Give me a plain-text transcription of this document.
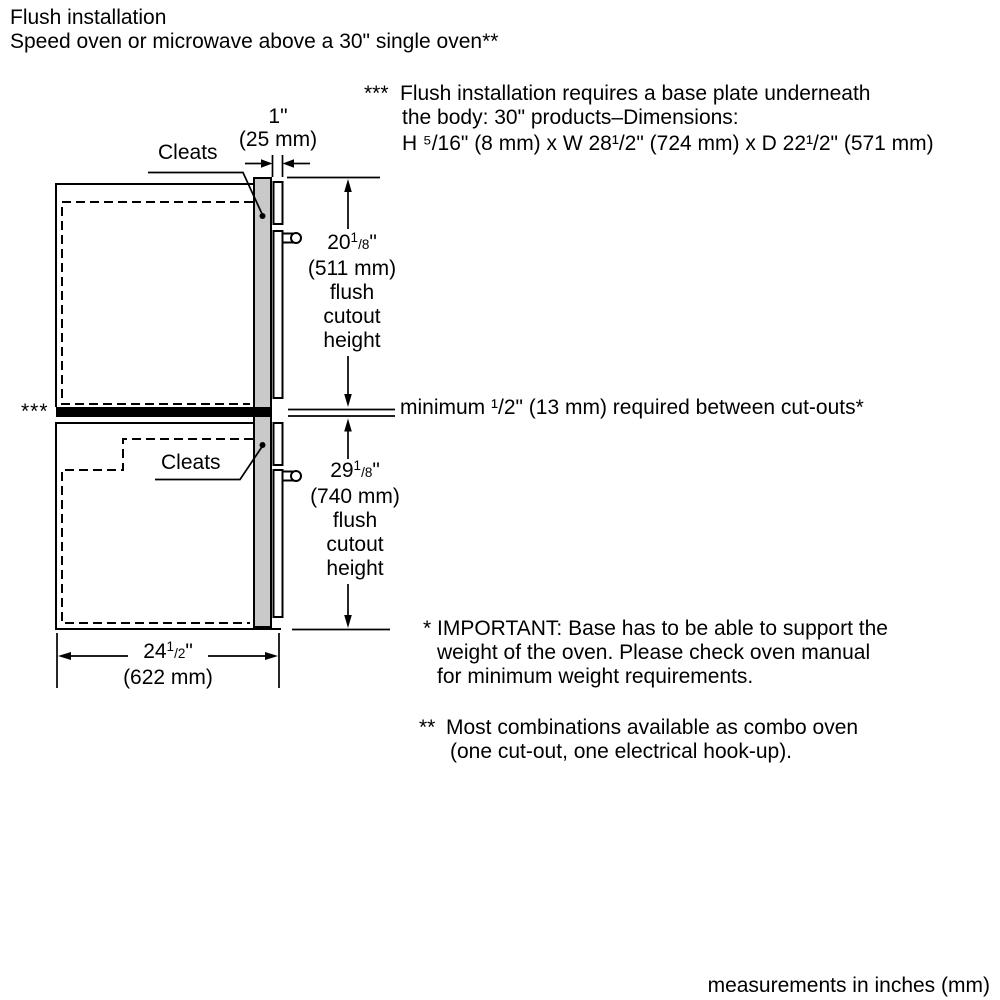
Flush installation
Speed oven or microwave above a 30" single oven**
*** Flush installation requires a base plate underneath
the body: 30" products–Dimensions:
H ⁵/16" (8 mm) x W 28¹/2" (724 mm) x D 22¹/2" (571 mm)
minimum ¹/2" (13 mm) required between cut-outs*
* IMPORTANT: Base has to be able to support the
weight of the oven. Please check oven manual
for minimum weight requirements.
** Most combinations available as combo oven
(one cut-out, one electrical hook-up).
measurements in inches (mm)
Cleats
Cleats
***
1"
(25 mm)
$20^1/8$"
(511 mm)
flush
cutout
height
$29^1/8$"
(740 mm)
flush
cutout
height
$24^1/2$"
(622 mm)
